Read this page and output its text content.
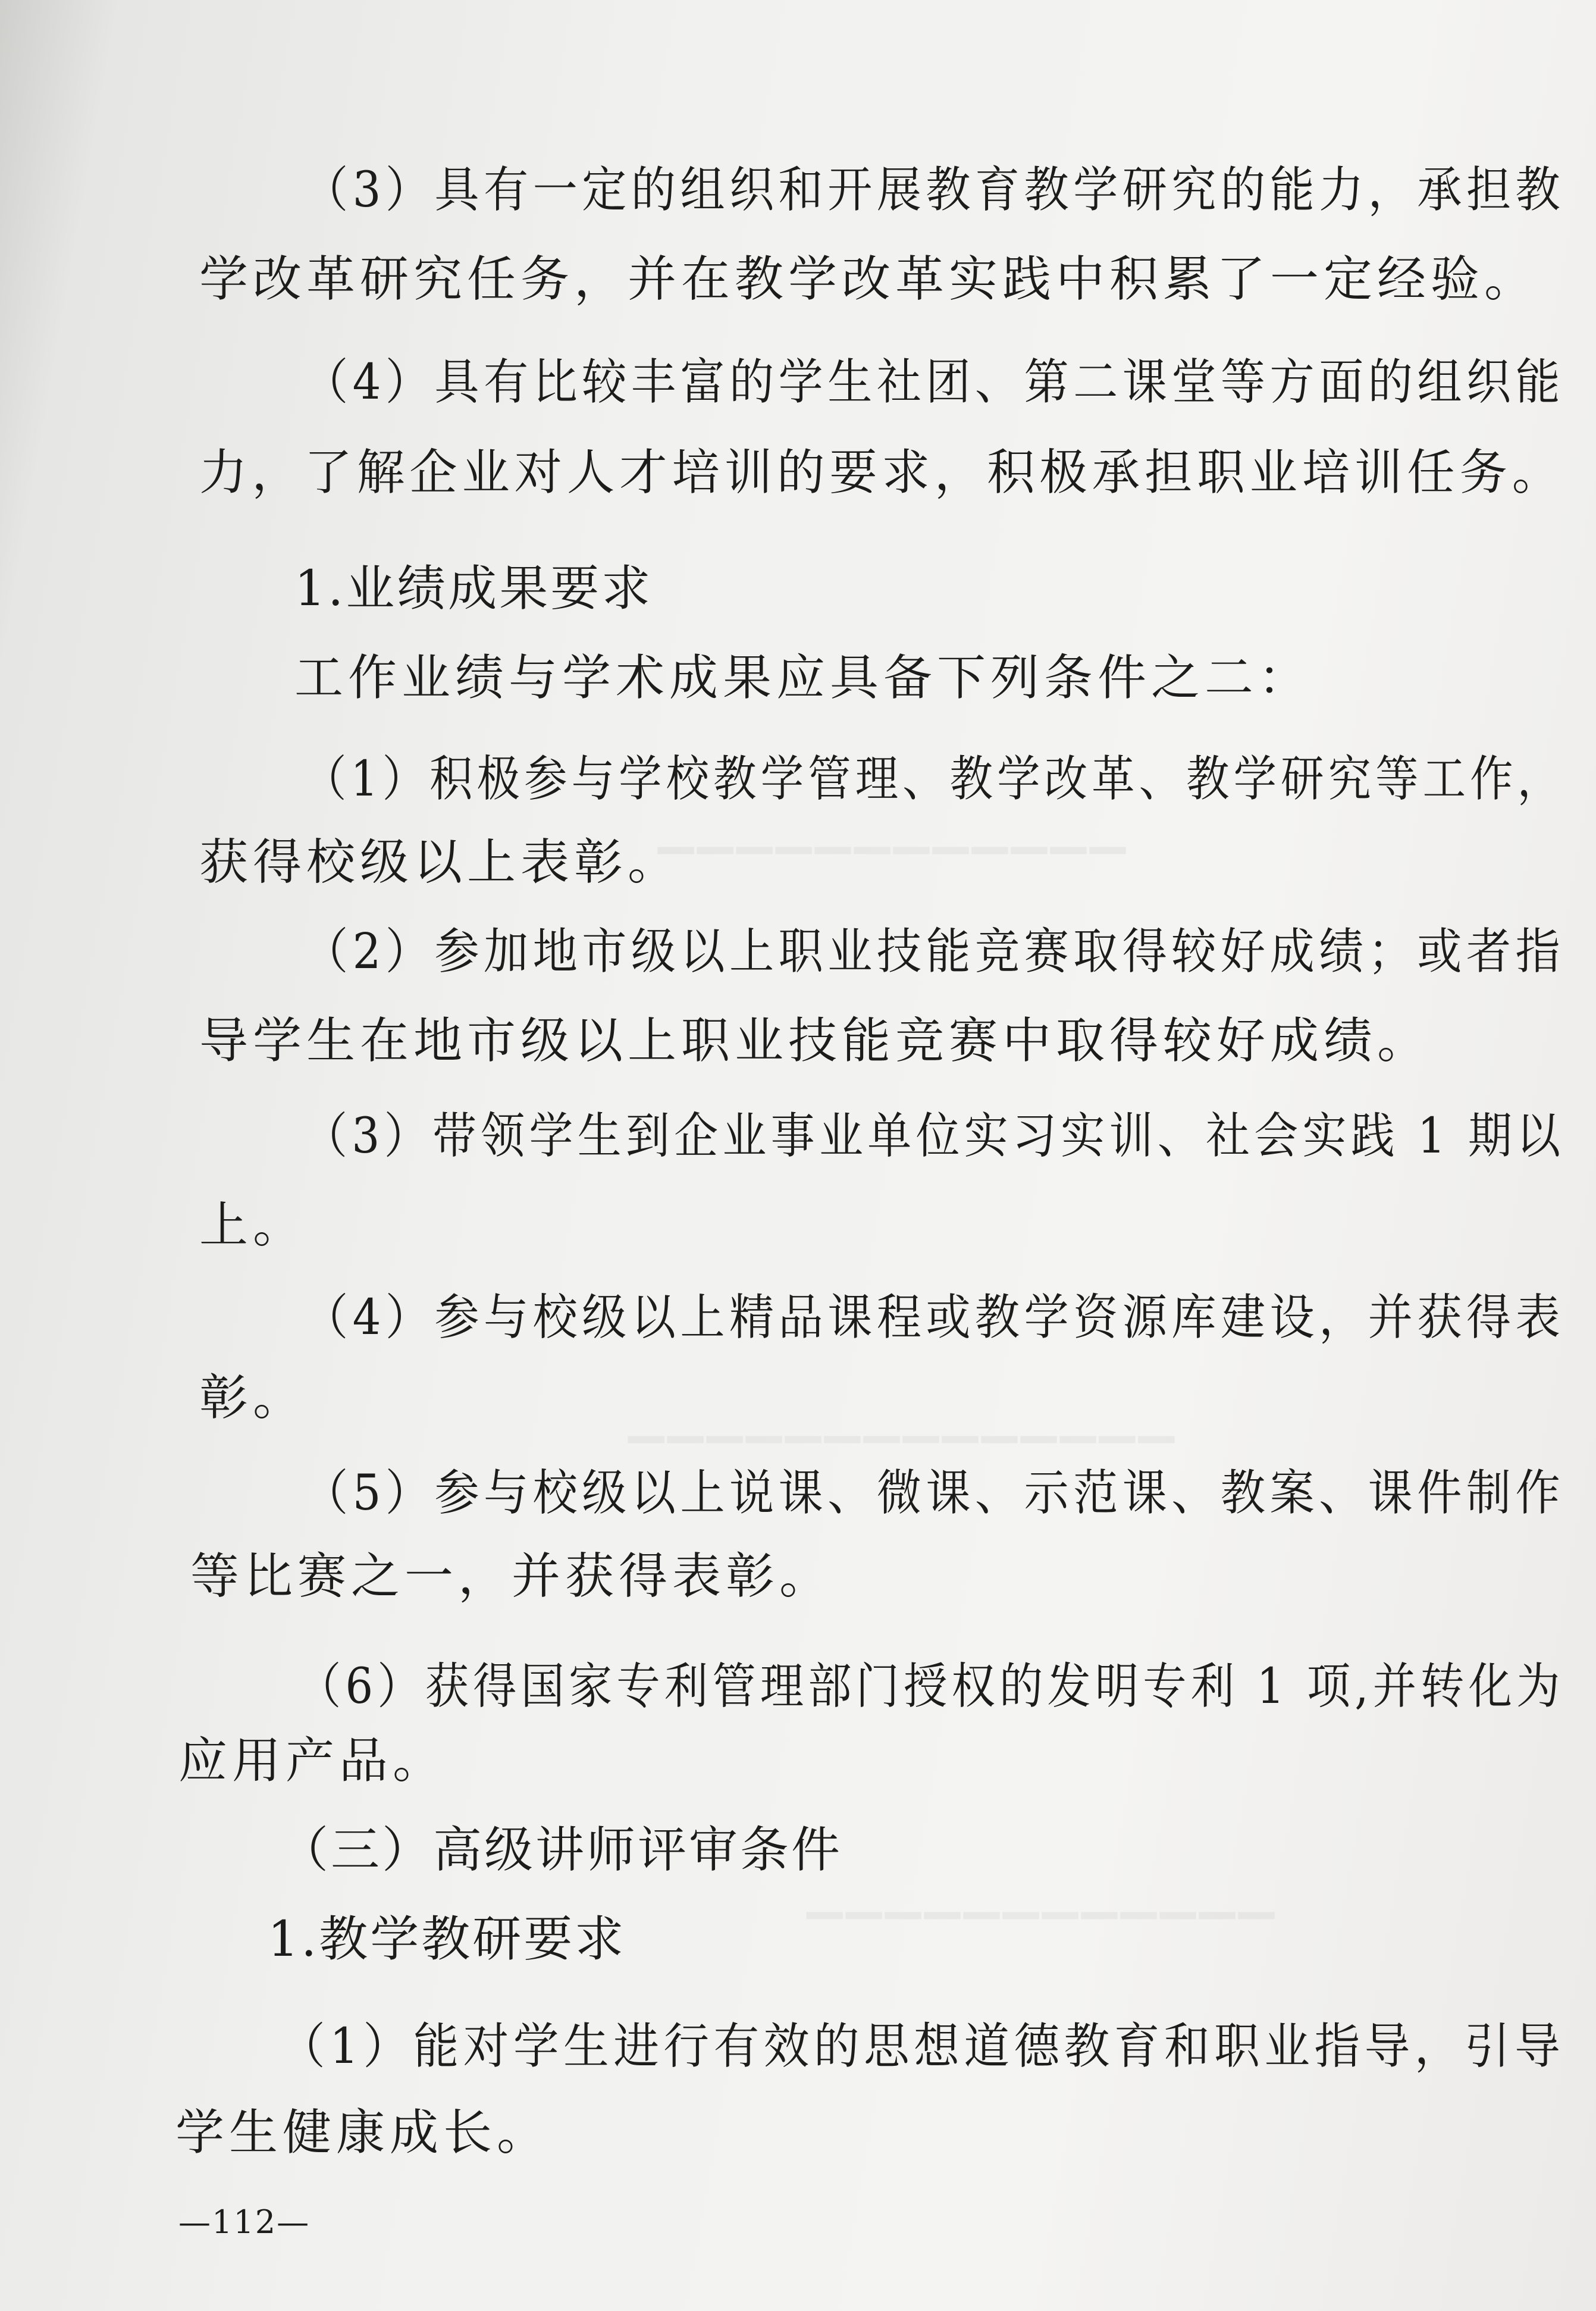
▁▁▁▁▁▁▁▁▁▁▁▁
▁▁▁▁▁▁▁▁▁▁▁▁▁▁
▁▁▁▁▁▁▁▁▁▁▁▁
（3）具有一定的组织和开展教育教学研究的能力，承担教
学改革研究任务，并在教学改革实践中积累了一定经验。
（4）具有比较丰富的学生社团、第二课堂等方面的组织能
力，了解企业对人才培训的要求，积极承担职业培训任务。
1.业绩成果要求
工作业绩与学术成果应具备下列条件之二：
（1）积极参与学校教学管理、教学改革、教学研究等工作，
获得校级以上表彰。
（2）参加地市级以上职业技能竞赛取得较好成绩；或者指
导学生在地市级以上职业技能竞赛中取得较好成绩。
（3）带领学生到企业事业单位实习实训、社会实践 1 期以
上。
（4）参与校级以上精品课程或教学资源库建设，并获得表
彰。
（5）参与校级以上说课、微课、示范课、教案、课件制作
等比赛之一，并获得表彰。
（6）获得国家专利管理部门授权的发明专利 1 项,并转化为
应用产品。
（三）高级讲师评审条件
1.教学教研要求
（1）能对学生进行有效的思想道德教育和职业指导，引导
学生健康成长。
—112—
